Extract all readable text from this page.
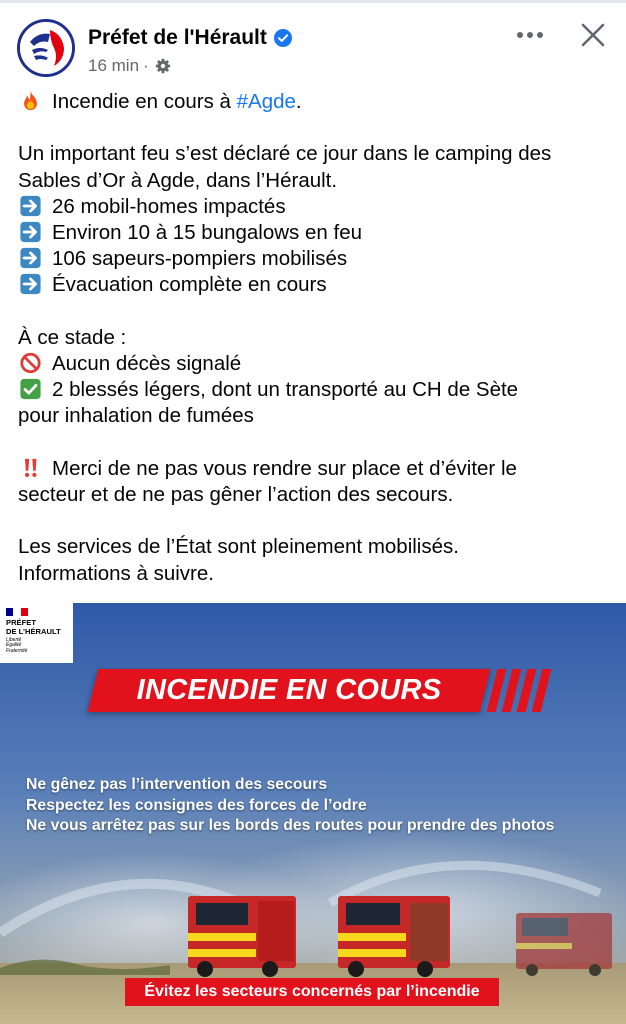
Préfet de l'Hérault
16 min ·

Incendie en cours à #Agde.

Un important feu s’est déclaré ce jour dans le camping des

Sables d’Or à Agde, dans l’Hérault.

26 mobil-homes impactés

Environ 10 à 15 bungalows en feu

106 sapeurs-pompiers mobilisés

Évacuation complète en cours

À ce stade :

Aucun décès signalé

2 blessés légers, dont un transporté au CH de Sète

pour inhalation de fumées

Merci de ne pas vous rendre sur place et d’éviter le

secteur et de ne pas gêner l’action des secours.

Les services de l’État sont pleinement mobilisés.

Informations à suivre.

PRÉFET
DE L’HÉRAULT
Liberté
Égalité
Fraternité
INCENDIE EN COURS
Ne gênez pas l’intervention des secours
Respectez les consignes des forces de l’odre
Ne vous arrêtez pas sur les bords des routes pour prendre des photos
Évitez les secteurs concernés par l’incendie
